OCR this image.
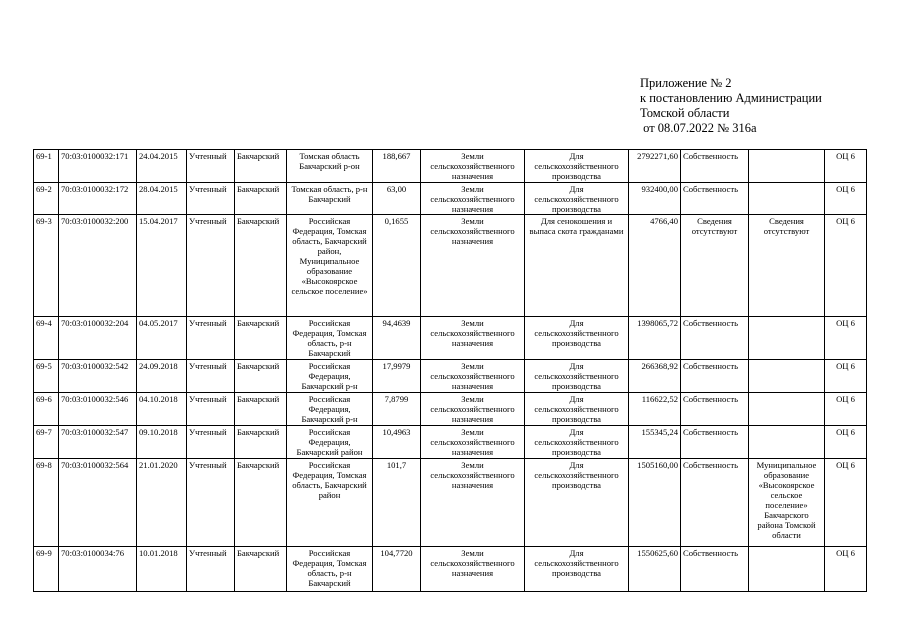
Приложение № 2
к постановлению Администрации
Томской области
от 08.07.2022 № 316а
69-1	70:03:0100032:171	24.04.2015	Учтенный	Бакчарский	Томская область Бакчарский р-он	188,667	Земли сельскохозяйственного назначения	Для сельскохозяйственного производства	2792271,60	Собственность		ОЦ 6
69-2	70:03:0100032:172	28.04.2015	Учтенный	Бакчарский	Томская область, р-н Бакчарский	63,00	Земли сельскохозяйственного назначения	Для сельскохозяйственного производства	932400,00	Собственность		ОЦ 6
69-3	70:03:0100032:200	15.04.2017	Учтенный	Бакчарский	Российская Федерация, Томская область, Бакчарский район, Муниципальное образование «Высокоярское сельское поселение»	0,1655	Земли сельскохозяйственного назначения	Для сенокошения и выпаса скота гражданами	4766,40	Сведения отсутствуют	Сведения отсутствуют	ОЦ 6
69-4	70:03:0100032:204	04.05.2017	Учтенный	Бакчарский	Российская Федерация, Томская область, р-н Бакчарский	94,4639	Земли сельскохозяйственного назначения	Для сельскохозяйственного производства	1398065,72	Собственность		ОЦ 6
69-5	70:03:0100032:542	24.09.2018	Учтенный	Бакчарский	Российская Федерация, Бакчарский р-н	17,9979	Земли сельскохозяйственного назначения	Для сельскохозяйственного производства	266368,92	Собственность		ОЦ 6
69-6	70:03:0100032:546	04.10.2018	Учтенный	Бакчарский	Российская Федерация, Бакчарский р-н	7,8799	Земли сельскохозяйственного назначения	Для сельскохозяйственного производства	116622,52	Собственность		ОЦ 6
69-7	70:03:0100032:547	09.10.2018	Учтенный	Бакчарский	Российская Федерация, Бакчарский район	10,4963	Земли сельскохозяйственного назначения	Для сельскохозяйственного производства	155345,24	Собственность		ОЦ 6
69-8	70:03:0100032:564	21.01.2020	Учтенный	Бакчарский	Российская Федерация, Томская область, Бакчарский район	101,7	Земли сельскохозяйственного назначения	Для сельскохозяйственного производства	1505160,00	Собственность	Муниципальное образование «Высокоярское сельское поселение» Бакчарского района Томской области	ОЦ 6
69-9	70:03:0100034:76	10.01.2018	Учтенный	Бакчарский	Российская Федерация, Томская область, р-н Бакчарский	104,7720	Земли сельскохозяйственного назначения	Для сельскохозяйственного производства	1550625,60	Собственность		ОЦ 6
